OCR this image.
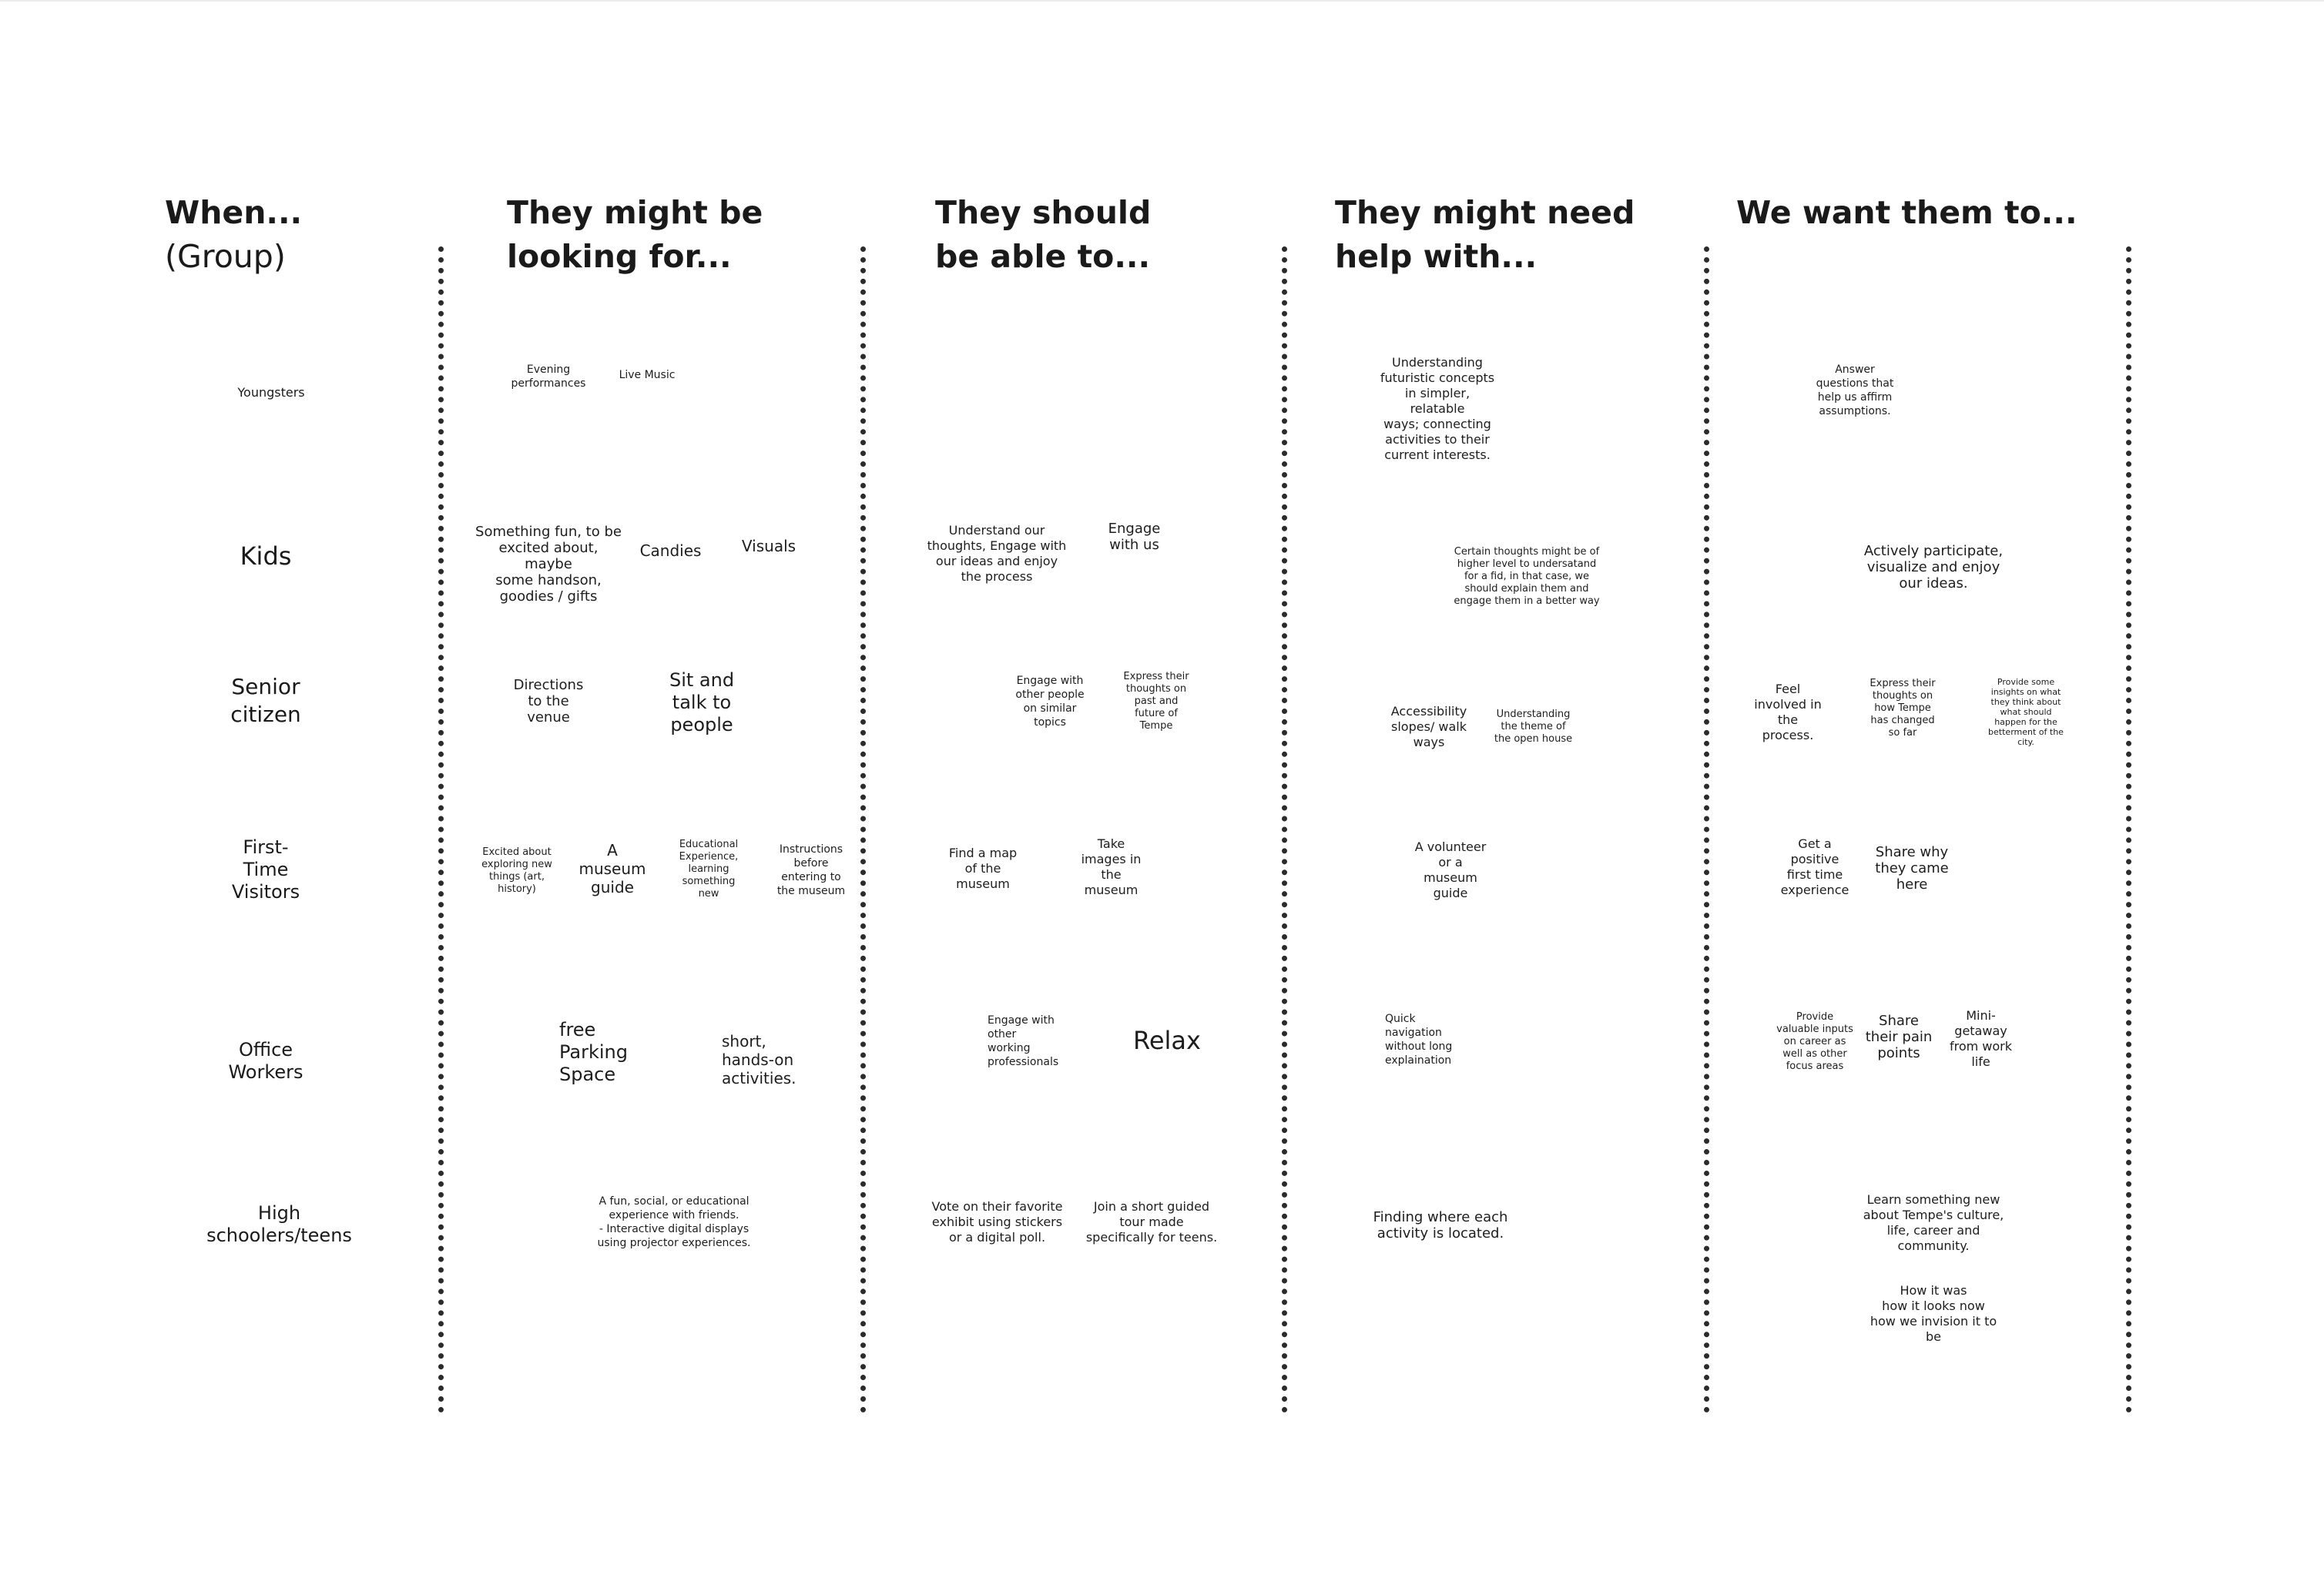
When...
(Group)
They might be
looking for...
They should
be able to...
They might need
help with...
We want them to...
Youngsters
Kids
Senior
citizen
First-
Time
Visitors
Office
Workers
High
schoolers/teens
Evening
performances
Live Music
Something fun, to be
excited about, maybe
some handson,
goodies / gifts
Candies	Visuals
Directions
to the
venue
Sit and
talk to
people
Excited about
exploring new
things (art,
history)
A
museum
guide
Educational
Experience,
learning
something
new
Instructions
before
entering to
the museum
free
Parking
Space
short,
hands-on
activities.
A fun, social, or educational
experience with friends.
- Interactive digital displays
using projector experiences.
Understand our
thoughts, Engage with
our ideas and enjoy
the process
Engage
with us
Engage with
other people
on similar
topics
Express their
thoughts on
past and
future of
Tempe
Find a map
of the
museum
Take
images in
the
museum
Engage with
other
working
professionals
Relax
Vote on their favorite
exhibit using stickers
or a digital poll.
Join a short guided
tour made
specifically for teens.
Understanding
futuristic concepts
in simpler, relatable
ways; connecting
activities to their
current interests.
Certain thoughts might be of
higher level to undersatand
for a fid, in that case, we
should explain them and
engage them in a better way
Accessibility
slopes/ walk
ways
Understanding
the theme of
the open house
A volunteer
or a
museum
guide
Quick
navigation
without long
explaination
Finding where each
activity is located.
Answer
questions that
help us affirm
assumptions.
Actively participate,
visualize and enjoy
our ideas.
Feel
involved in
the
process.
Express their
thoughts on
how Tempe
has changed
so far
Provide some
insights on what
they think about
what should
happen for the
betterment of the
city.
Get a
positive
first time
experience
Share why
they came
here
Provide
valuable inputs
on career as
well as other
focus areas
Share
their pain
points
Mini-
getaway
from work
life
Learn something new
about Tempe's culture,
life, career and
community.
How it was
how it looks now
how we invision it to
be
